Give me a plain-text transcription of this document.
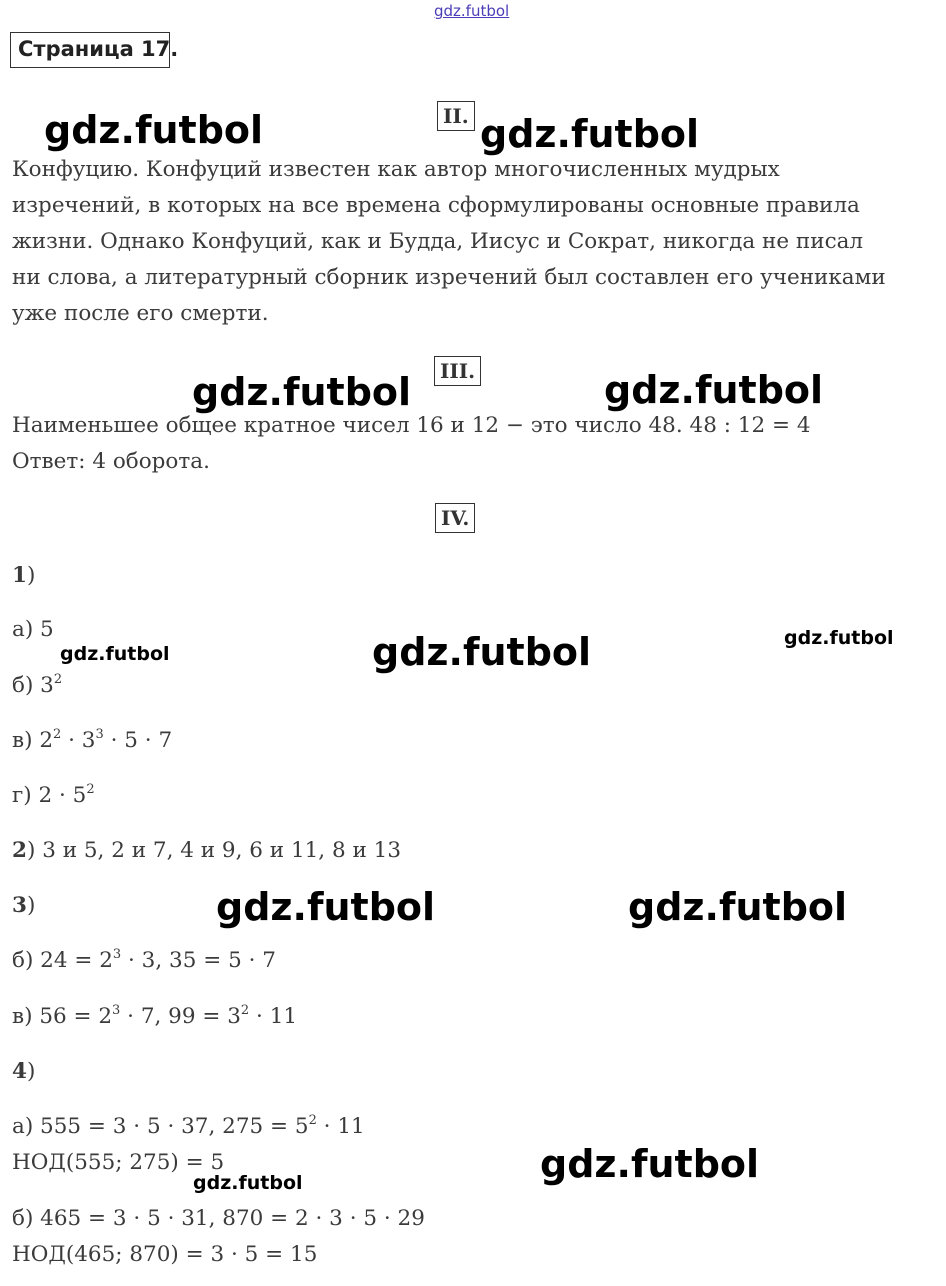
gdz.futbol
Страница 17.
II.
gdz.futbol	gdz.futbol
Конфуцию. Конфуций известен как автор многочисленных мудрых
изречений, в которых на все времена сформулированы основные правила
жизни. Однако Конфуций, как и Будда, Иисус и Сократ, никогда не писал
ни слова, а литературный сборник изречений был составлен его учениками
уже после его смерти.
III.
gdz.futbol	gdz.futbol
Наименьшее общее кратное чисел 16 и 12 − это число 48. 48 : 12 = 4
Ответ: 4 оборота.
IV.
1)
а) 5
gdz.futbol	gdz.futbol	gdz.futbol
б) $3^2$
в) $2^2 \cdot 3^3 \cdot 5 \cdot 7$
г) $2 \cdot 5^2$
2) 3 и 5, 2 и 7, 4 и 9, 6 и 11, 8 и 13
3)	gdz.futbol	gdz.futbol
б) $24 = 2^3 \cdot 3$, 35 = 5 · 7
в) $56 = 2^3 \cdot 7$, $99 = 3^2 \cdot 11$
4)
а) 555 = 3 · 5 · 37, $275 = 5^2 \cdot 11$
НОД(555; 275) = 5	gdz.futbol
gdz.futbol
б) 465 = 3 · 5 · 31, 870 = 2 · 3 · 5 · 29
НОД(465; 870) = 3 · 5 = 15
